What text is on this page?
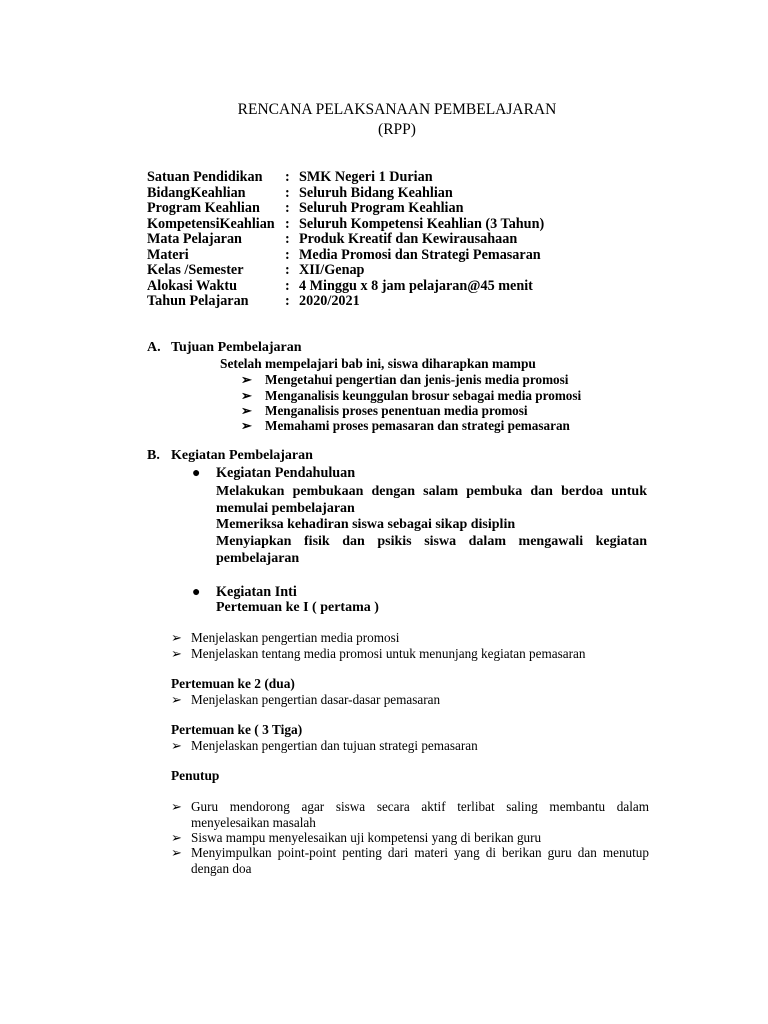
RENCANA PELAKSANAAN PEMBELAJARAN
(RPP)
Satuan Pendidikan : SMK Negeri 1 Durian
BidangKeahlian	: Seluruh Bidang Keahlian
Program Keahlian : Seluruh Program Keahlian
KompetensiKeahlian : Seluruh Kompetensi Keahlian (3 Tahun)
Mata Pelajaran	: Produk Kreatif dan Kewirausahaan
Materi	: Media Promosi dan Strategi Pemasaran
Kelas /Semester	: XII/Genap
Alokasi Waktu	: 4 Minggu x 8 jam pelajaran@45 menit
Tahun Pelajaran	: 2020/2021
A. Tujuan Pembelajaran
Setelah mempelajari bab ini, siswa diharapkan mampu
➢ Mengetahui pengertian dan jenis-jenis media promosi
➢ Menganalisis keunggulan brosur sebagai media promosi
➢ Menganalisis proses penentuan media promosi
➢ Memahami proses pemasaran dan strategi pemasaran
B. Kegiatan Pembelajaran
● Kegiatan Pendahuluan
Melakukan pembukaan dengan salam pembuka dan berdoa untuk memulai pembelajaran
Memeriksa kehadiran siswa sebagai sikap disiplin
Menyiapkan fisik dan psikis siswa dalam mengawali kegiatan pembelajaran
● Kegiatan Inti
Pertemuan ke I ( pertama )
➢ Menjelaskan pengertian media promosi
➢ Menjelaskan tentang media promosi untuk menunjang kegiatan pemasaran
Pertemuan ke 2 (dua)
➢ Menjelaskan pengertian dasar-dasar pemasaran
Pertemuan ke ( 3 Tiga)
➢ Menjelaskan pengertian dan tujuan strategi pemasaran
Penutup
➢ Guru mendorong agar siswa secara aktif terlibat saling membantu dalam menyelesaikan masalah
➢ Siswa mampu menyelesaikan uji kompetensi yang di berikan guru
➢ Menyimpulkan point-point penting dari materi yang di berikan guru dan menutup dengan doa
